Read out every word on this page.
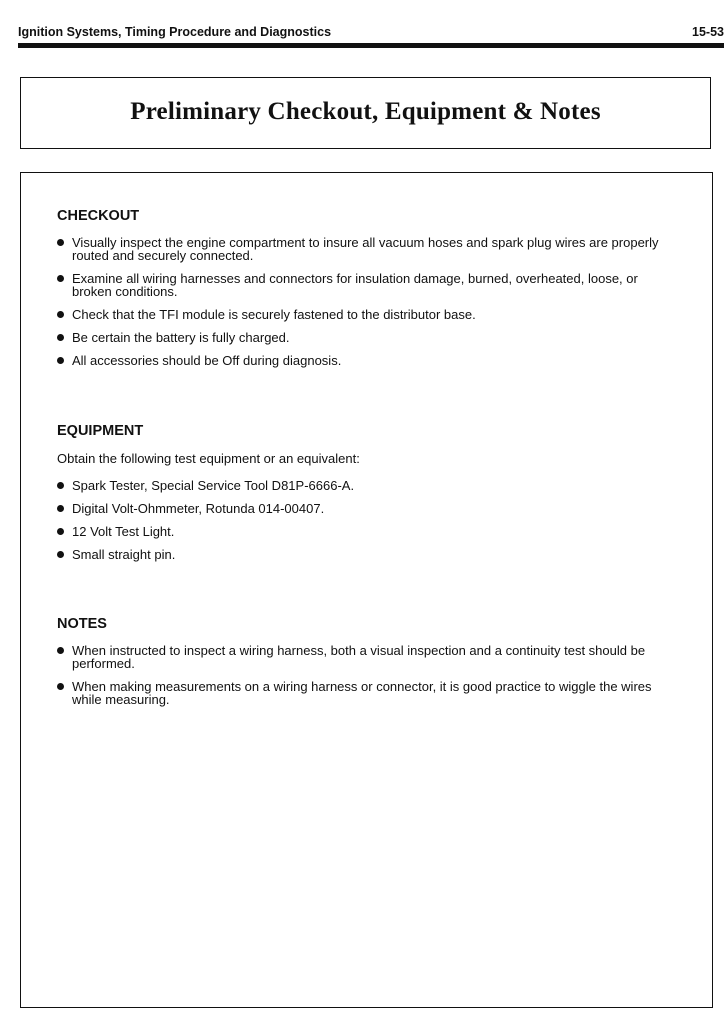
Ignition Systems, Timing Procedure and Diagnostics	15-53
Preliminary Checkout, Equipment & Notes
CHECKOUT
Visually inspect the engine compartment to insure all vacuum hoses and spark plug wires are properly routed and securely connected.
Examine all wiring harnesses and connectors for insulation damage, burned, overheated, loose, or broken conditions.
Check that the TFI module is securely fastened to the distributor base.
Be certain the battery is fully charged.
All accessories should be Off during diagnosis.
EQUIPMENT

Obtain the following test equipment or an equivalent:

Spark Tester, Special Service Tool D81P-6666-A.
Digital Volt-Ohmmeter, Rotunda 014-00407.
12 Volt Test Light.
Small straight pin.
NOTES
When instructed to inspect a wiring harness, both a visual inspection and a continuity test should be performed.
When making measurements on a wiring harness or connector, it is good practice to wiggle the wires while measuring.
